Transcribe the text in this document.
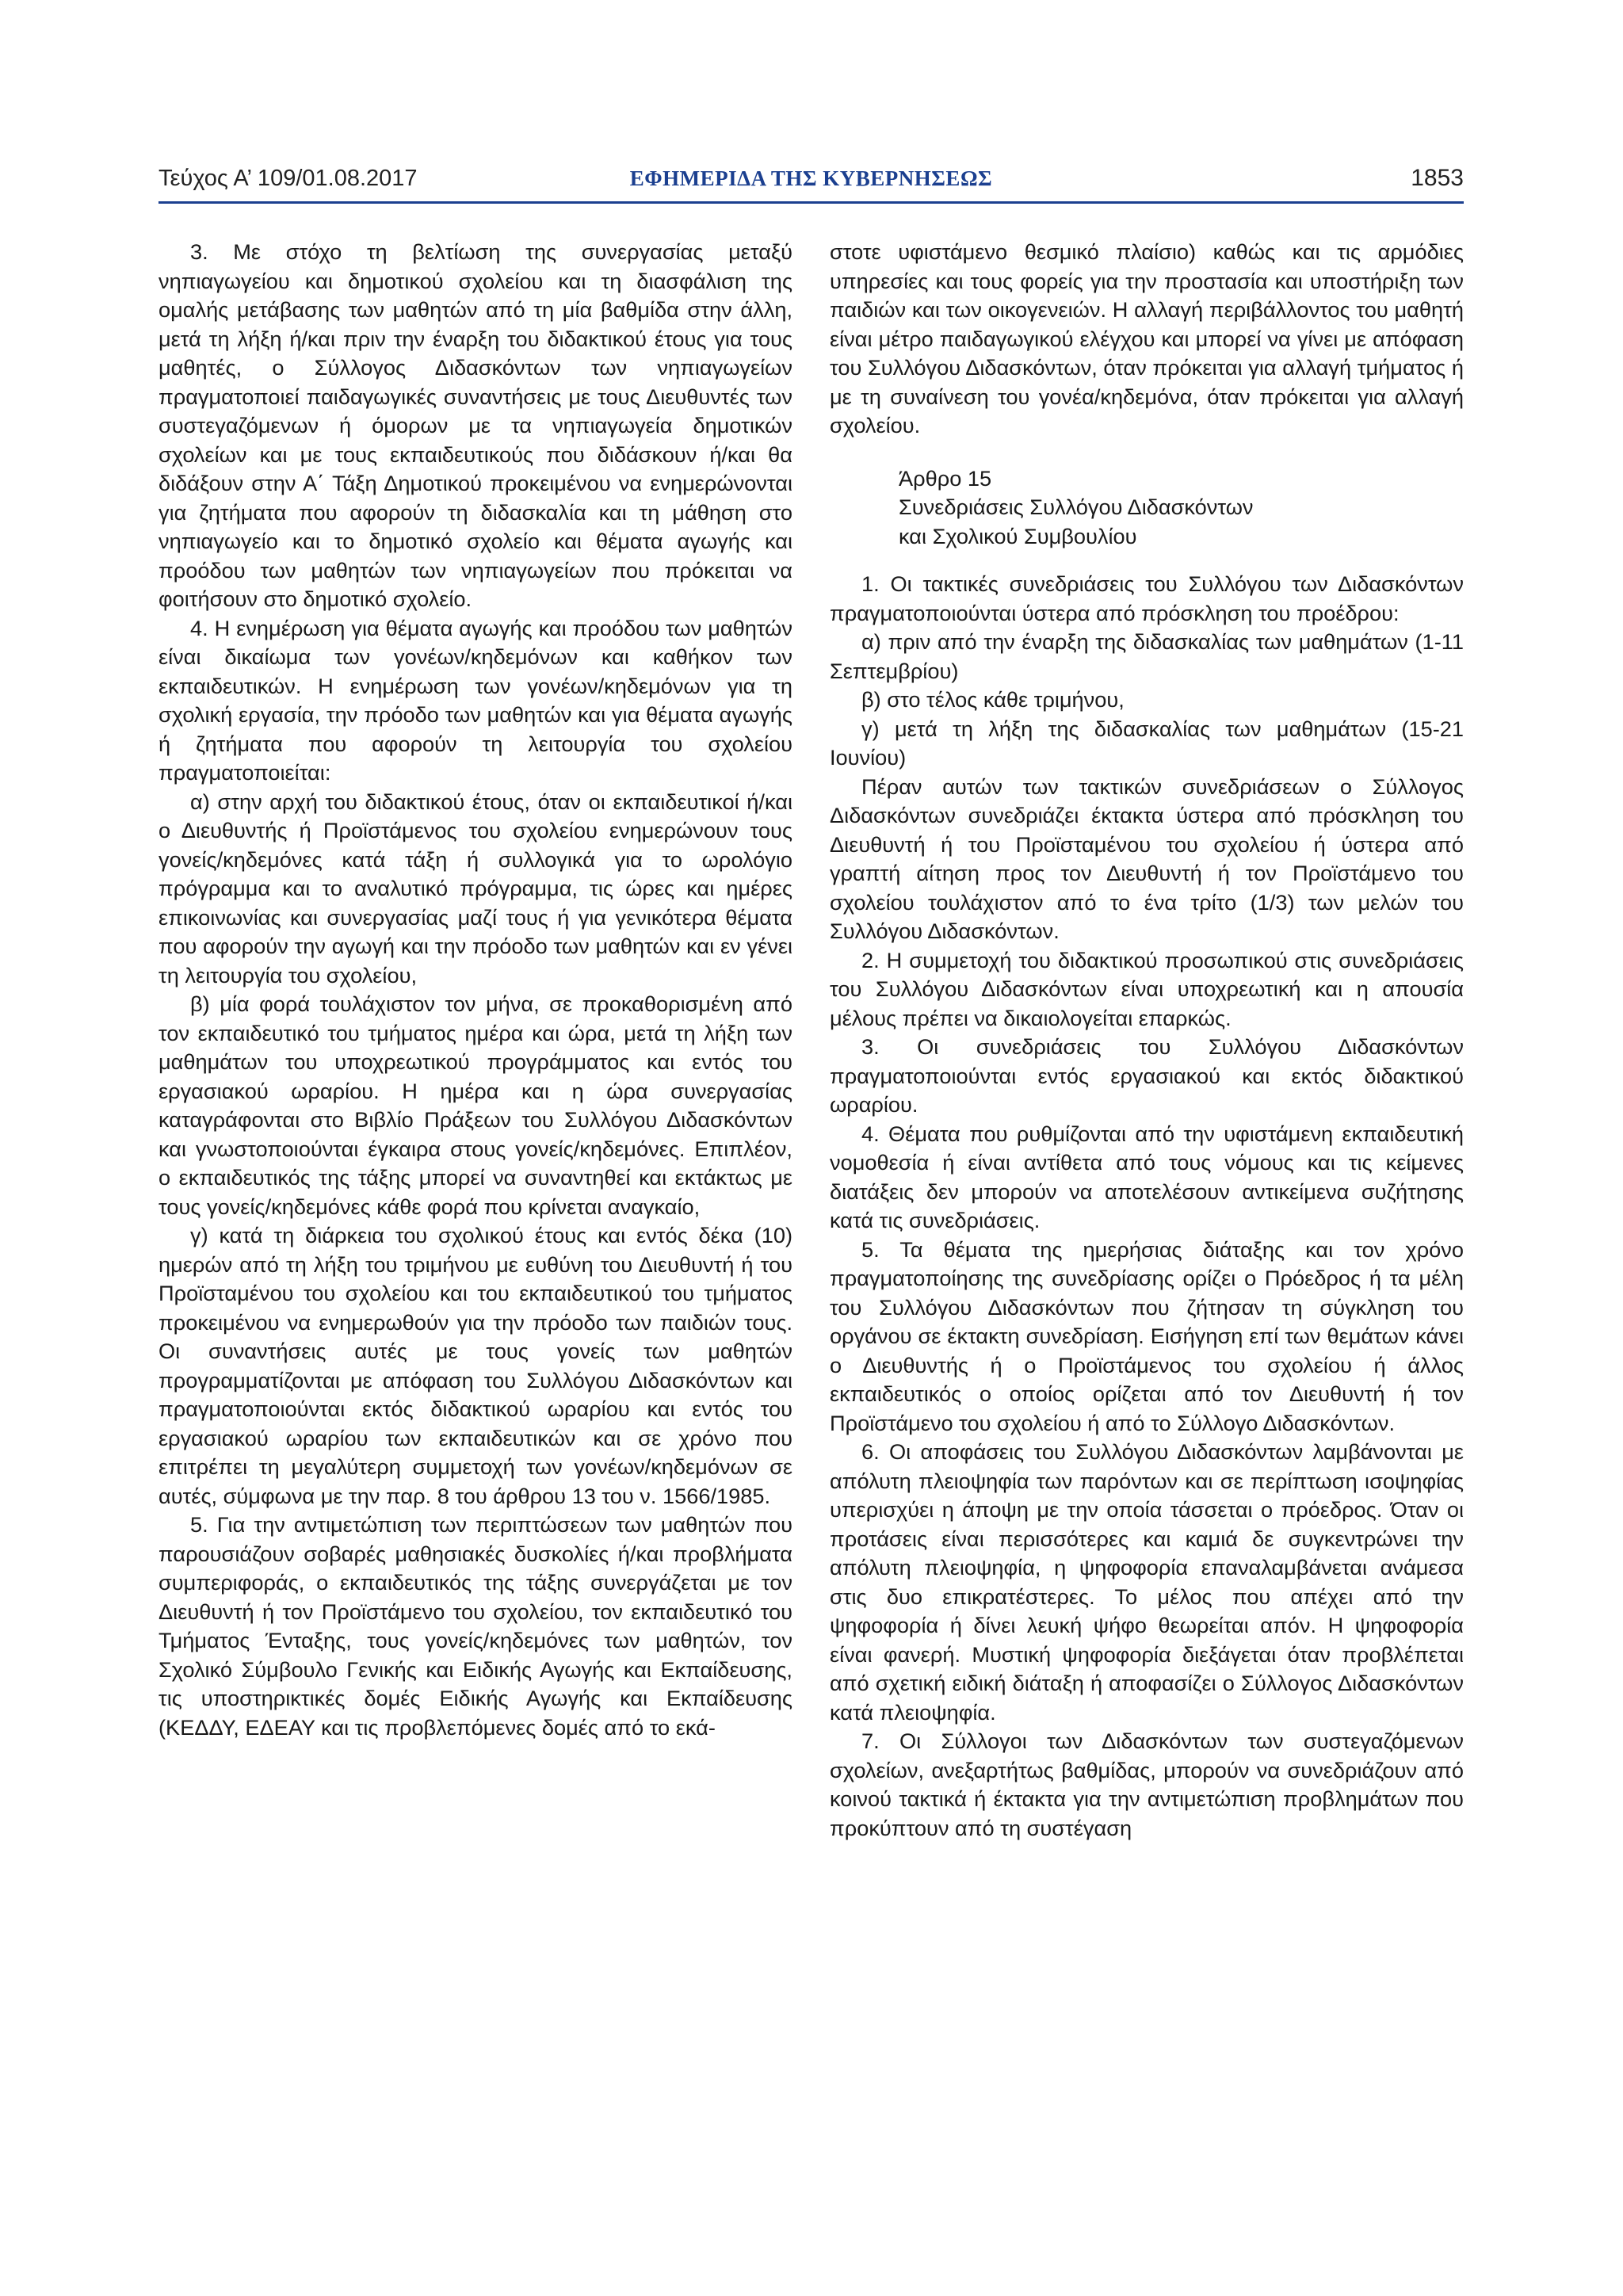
Τεύχος Α’ 109/01.08.2017	ΕΦΗΜΕΡΙΔΑ ΤΗΣ ΚΥΒΕΡΝΗΣΕΩΣ	1853

3. Με στόχο τη βελτίωση της συνεργασίας μεταξύ νηπιαγωγείου και δημοτικού σχολείου και τη διασφάλιση της ομαλής μετάβασης των μαθητών από τη μία βαθμίδα στην άλλη, μετά τη λήξη ή/και πριν την έναρξη του διδακτικού έτους για τους μαθητές, ο Σύλλογος Διδασκόντων των νηπιαγωγείων πραγματοποιεί παιδαγωγικές συναντήσεις με τους Διευθυντές των συστεγαζόμενων ή όμορων με τα νηπιαγωγεία δημοτικών σχολείων και με τους εκπαιδευτικούς που διδάσκουν ή/και θα διδάξουν στην Α΄ Τάξη Δημοτικού προκειμένου να ενημερώνονται για ζητήματα που αφορούν τη διδασκαλία και τη μάθηση στο νηπιαγωγείο και το δημοτικό σχολείο και θέματα αγωγής και προόδου των μαθητών των νηπιαγωγείων που πρόκειται να φοιτήσουν στο δημοτικό σχολείο.

4. Η ενημέρωση για θέματα αγωγής και προόδου των μαθητών είναι δικαίωμα των γονέων/κηδεμόνων και καθήκον των εκπαιδευτικών. Η ενημέρωση των γονέων/κηδεμόνων για τη σχολική εργασία, την πρόοδο των μαθητών και για θέματα αγωγής ή ζητήματα που αφορούν τη λειτουργία του σχολείου πραγματοποιείται:

α) στην αρχή του διδακτικού έτους, όταν οι εκπαιδευτικοί ή/και ο Διευθυντής ή Προϊστάμενος του σχολείου ενημερώνουν τους γονείς/κηδεμόνες κατά τάξη ή συλλογικά για το ωρολόγιο πρόγραμμα και το αναλυτικό πρόγραμμα, τις ώρες και ημέρες επικοινωνίας και συνεργασίας μαζί τους ή για γενικότερα θέματα που αφορούν την αγωγή και την πρόοδο των μαθητών και εν γένει τη λειτουργία του σχολείου,

β) μία φορά τουλάχιστον τον μήνα, σε προκαθορισμένη από τον εκπαιδευτικό του τμήματος ημέρα και ώρα, μετά τη λήξη των μαθημάτων του υποχρεωτικού προγράμματος και εντός του εργασιακού ωραρίου. Η ημέρα και η ώρα συνεργασίας καταγράφονται στο Βιβλίο Πράξεων του Συλλόγου Διδασκόντων και γνωστοποιούνται έγκαιρα στους γονείς/κηδεμόνες. Επιπλέον, ο εκπαιδευτικός της τάξης μπορεί να συναντηθεί και εκτάκτως με τους γονείς/κηδεμόνες κάθε φορά που κρίνεται αναγκαίο,

γ) κατά τη διάρκεια του σχολικού έτους και εντός δέκα (10) ημερών από τη λήξη του τριμήνου με ευθύνη του Διευθυντή ή του Προϊσταμένου του σχολείου και του εκπαιδευτικού του τμήματος προκειμένου να ενημερωθούν για την πρόοδο των παιδιών τους. Οι συναντήσεις αυτές με τους γονείς των μαθητών προγραμματίζονται με απόφαση του Συλλόγου Διδασκόντων και πραγματοποιούνται εκτός διδακτικού ωραρίου και εντός του εργασιακού ωραρίου των εκπαιδευτικών και σε χρόνο που επιτρέπει τη μεγαλύτερη συμμετοχή των γονέων/κηδεμόνων σε αυτές, σύμφωνα με την παρ. 8 του άρθρου 13 του ν. 1566/1985.

5. Για την αντιμετώπιση των περιπτώσεων των μαθητών που παρουσιάζουν σοβαρές μαθησιακές δυσκολίες ή/και προβλήματα συμπεριφοράς, ο εκπαιδευτικός της τάξης συνεργάζεται με τον Διευθυντή ή τον Προϊστάμενο του σχολείου, τον εκπαιδευτικό του Τμήματος Ένταξης, τους γονείς/κηδεμόνες των μαθητών, τον Σχολικό Σύμβουλο Γενικής και Ειδικής Αγωγής και Εκπαίδευσης, τις υποστηρικτικές δομές Ειδικής Αγωγής και Εκπαίδευσης (ΚΕΔΔΥ, ΕΔΕΑΥ και τις προβλεπόμενες δομές από το εκά-

στοτε υφιστάμενο θεσμικό πλαίσιο) καθώς και τις αρμόδιες υπηρεσίες και τους φορείς για την προστασία και υποστήριξη των παιδιών και των οικογενειών. Η αλλαγή περιβάλλοντος του μαθητή είναι μέτρο παιδαγωγικού ελέγχου και μπορεί να γίνει με απόφαση του Συλλόγου Διδασκόντων, όταν πρόκειται για αλλαγή τμήματος ή με τη συναίνεση του γονέα/κηδεμόνα, όταν πρόκειται για αλλαγή σχολείου.

Άρθρο 15
Συνεδριάσεις Συλλόγου Διδασκόντων
και Σχολικού Συμβουλίου

1. Οι τακτικές συνεδριάσεις του Συλλόγου των Διδασκόντων πραγματοποιούνται ύστερα από πρόσκληση του προέδρου:

α) πριν από την έναρξη της διδασκαλίας των μαθημάτων (1-11 Σεπτεμβρίου)

β) στο τέλος κάθε τριμήνου,

γ) μετά τη λήξη της διδασκαλίας των μαθημάτων (15-21 Ιουνίου)

Πέραν αυτών των τακτικών συνεδριάσεων ο Σύλλογος Διδασκόντων συνεδριάζει έκτακτα ύστερα από πρόσκληση του Διευθυντή ή του Προϊσταμένου του σχολείου ή ύστερα από γραπτή αίτηση προς τον Διευθυντή ή τον Προϊστάμενο του σχολείου τουλάχιστον από το ένα τρίτο (1/3) των μελών του Συλλόγου Διδασκόντων.

2. Η συμμετοχή του διδακτικού προσωπικού στις συνεδριάσεις του Συλλόγου Διδασκόντων είναι υποχρεωτική και η απουσία μέλους πρέπει να δικαιολογείται επαρκώς.

3. Οι συνεδριάσεις του Συλλόγου Διδασκόντων πραγματοποιούνται εντός εργασιακού και εκτός διδακτικού ωραρίου.

4. Θέματα που ρυθμίζονται από την υφιστάμενη εκπαιδευτική νομοθεσία ή είναι αντίθετα από τους νόμους και τις κείμενες διατάξεις δεν μπορούν να αποτελέσουν αντικείμενα συζήτησης κατά τις συνεδριάσεις.

5. Τα θέματα της ημερήσιας διάταξης και τον χρόνο πραγματοποίησης της συνεδρίασης ορίζει ο Πρόεδρος ή τα μέλη του Συλλόγου Διδασκόντων που ζήτησαν τη σύγκληση του οργάνου σε έκτακτη συνεδρίαση. Εισήγηση επί των θεμάτων κάνει ο Διευθυντής ή ο Προϊστάμενος του σχολείου ή άλλος εκπαιδευτικός ο οποίος ορίζεται από τον Διευθυντή ή τον Προϊστάμενο του σχολείου ή από το Σύλλογο Διδασκόντων.

6. Οι αποφάσεις του Συλλόγου Διδασκόντων λαμβάνονται με απόλυτη πλειοψηφία των παρόντων και σε περίπτωση ισοψηφίας υπερισχύει η άποψη με την οποία τάσσεται ο πρόεδρος. Όταν οι προτάσεις είναι περισσότερες και καμιά δε συγκεντρώνει την απόλυτη πλειοψηφία, η ψηφοφορία επαναλαμβάνεται ανάμεσα στις δυο επικρατέστερες. Το μέλος που απέχει από την ψηφοφορία ή δίνει λευκή ψήφο θεωρείται απόν. Η ψηφοφορία είναι φανερή. Μυστική ψηφοφορία διεξάγεται όταν προβλέπεται από σχετική ειδική διάταξη ή αποφασίζει ο Σύλλογος Διδασκόντων κατά πλειοψηφία.

7. Οι Σύλλογοι των Διδασκόντων των συστεγαζόμενων σχολείων, ανεξαρτήτως βαθμίδας, μπορούν να συνεδριάζουν από κοινού τακτικά ή έκτακτα για την αντιμετώπιση προβλημάτων που προκύπτουν από τη συστέγαση
